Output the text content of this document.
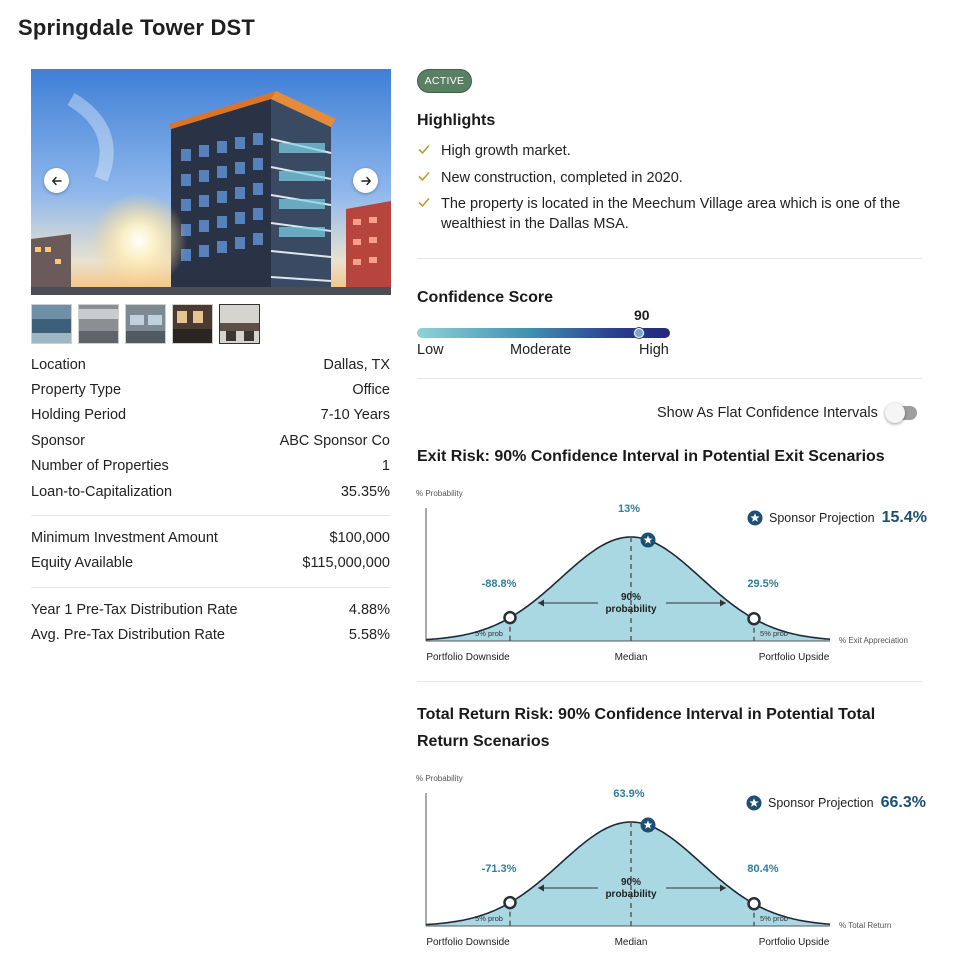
Springdale Tower DST
Location	Dallas, TX
Property Type	Office
Holding Period	7-10 Years
Sponsor	ABC Sponsor Co
Number of Properties	1
Loan-to-Capitalization	35.35%
Minimum Investment Amount	$100,000
Equity Available	$115,000,000
Year 1 Pre-Tax Distribution Rate	4.88%
Avg. Pre-Tax Distribution Rate	5.58%
ACTIVE
Highlights
High growth market.
New construction, completed in 2020.
The property is located in the Meechum Village area which is one of the wealthiest in the Dallas MSA.
Confidence Score
90
Low	Moderate	High
Show As Flat Confidence Intervals
Exit Risk: 90% Confidence Interval in Potential Exit Scenarios
% Probability
% Exit Appreciation
90%
probability
5% prob	5% prob
13%
-88.8%	29.5%
Portfolio Downside	Median	Portfolio Upside
Sponsor Projection 15.4%
Total Return Risk: 90% Confidence Interval in Potential Total Return Scenarios
% Probability
% Total Return
90%
probability
5% prob	5% prob
63.9%
-71.3%	80.4%
Portfolio Downside	Median	Portfolio Upside
Sponsor Projection 66.3%
